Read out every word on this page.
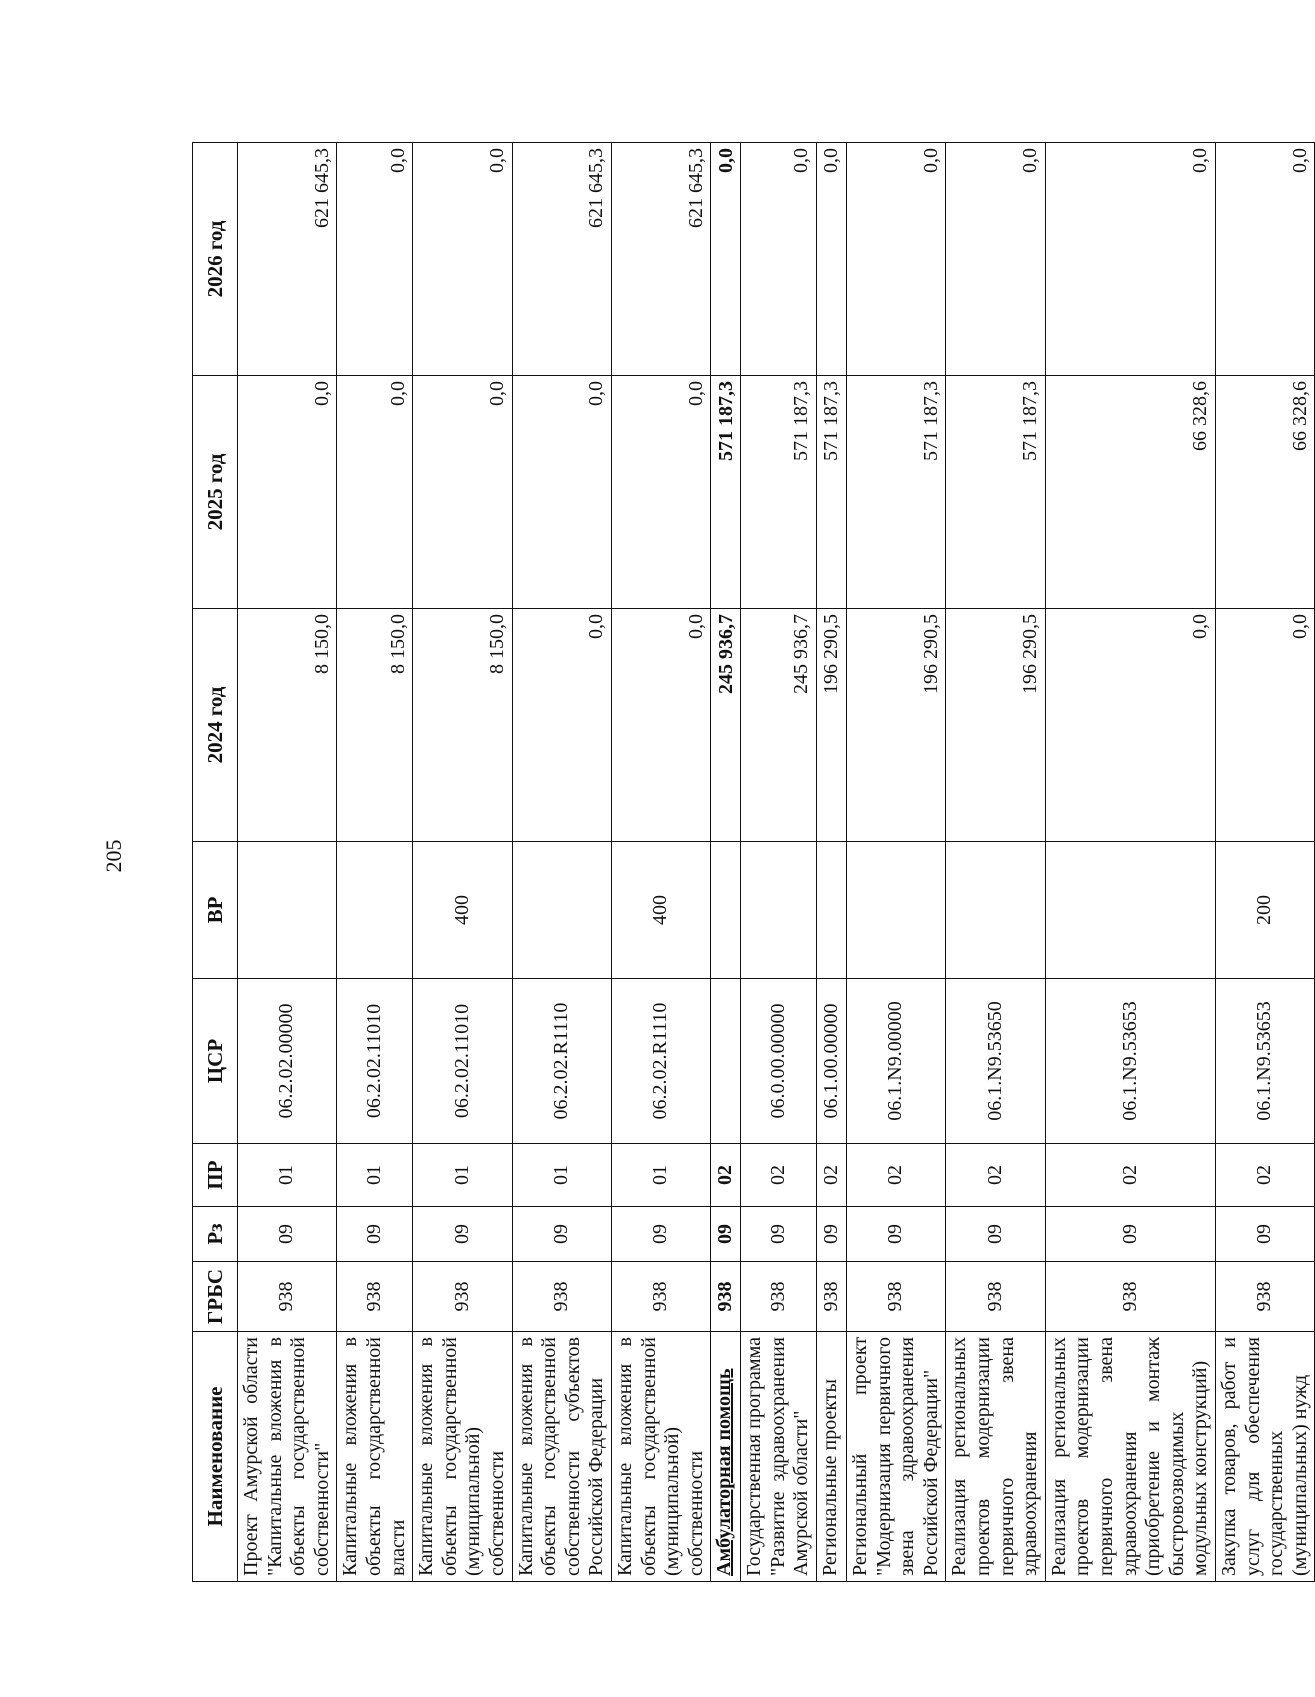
205
Наименование	ГРБС	Рз	ПР	ЦСР	ВР	2024 год	2025 год	2026 год
Проект Амурской области "Капитальные вложения в объекты государственной собственности"	938	09	01	06.2.02.00000		8 150,0	0,0	621 645,3
Капитальные вложения в объекты государственной власти	938	09	01	06.2.02.11010		8 150,0	0,0	0,0
Капитальные вложения в объекты государственной (муниципальной) собственности	938	09	01	06.2.02.11010	400	8 150,0	0,0	0,0
Капитальные вложения в объекты государственной собственности субъектов Российской Федерации	938	09	01	06.2.02.R1110		0,0	0,0	621 645,3
Капитальные вложения в объекты государственной (муниципальной) собственности	938	09	01	06.2.02.R1110	400	0,0	0,0	621 645,3
Амбулаторная помощь	938	09	02			245 936,7	571 187,3	0,0
Государственная программа "Развитие здравоохранения Амурской области"	938	09	02	06.0.00.00000		245 936,7	571 187,3	0,0
Региональные проекты	938	09	02	06.1.00.00000		196 290,5	571 187,3	0,0
Региональный проект "Модернизация первичного звена здравоохранения Российской Федерации"	938	09	02	06.1.N9.00000		196 290,5	571 187,3	0,0
Реализация региональных проектов модернизации первичного звена здравоохранения	938	09	02	06.1.N9.53650		196 290,5	571 187,3	0,0
Реализация региональных проектов модернизации первичного звена здравоохранения (приобретение и монтаж быстровозводимых модульных конструкций)	938	09	02	06.1.N9.53653		0,0	66 328,6	0,0
Закупка товаров, работ и услуг для обеспечения государственных (муниципальных) нужд	938	09	02	06.1.N9.53653	200	0,0	66 328,6	0,0
